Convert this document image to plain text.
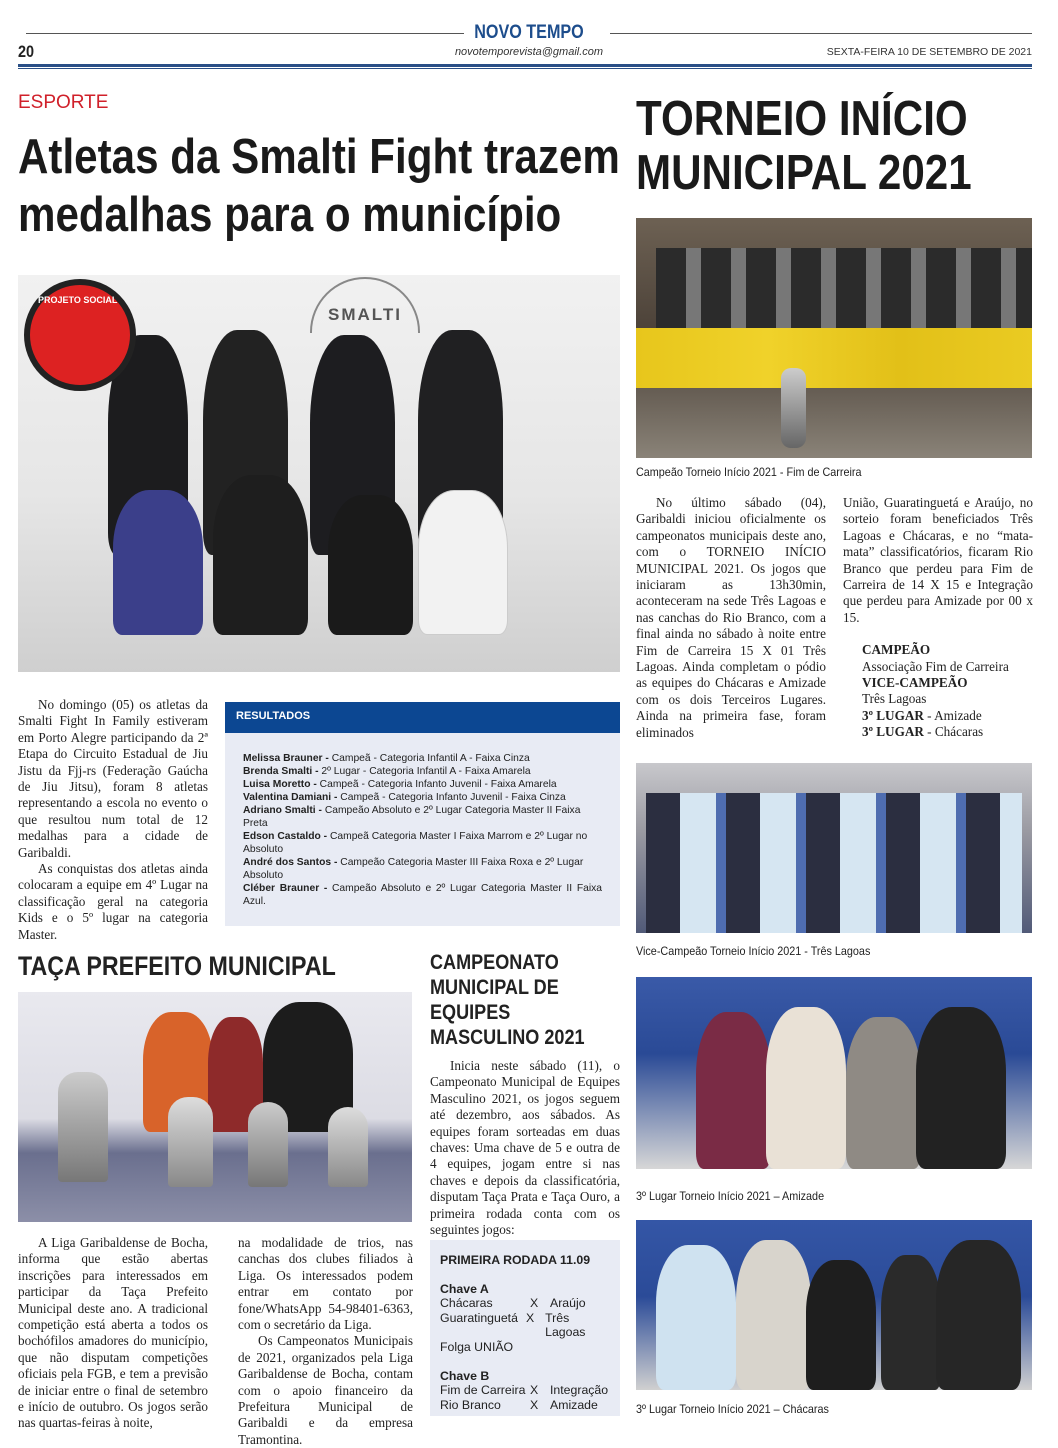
NOVO TEMPO
20	novotemporevista@gmail.com	SEXTA-FEIRA 10 DE SETEMBRO DE 2021
ESPORTE
Atletas da Smalti Fight trazem
medalhas para o município
PROJETO SOCIAL
SMALTI

No domingo (05) os atletas da Smalti Fight In Family estiveram em Porto Alegre participando da 2ª Etapa do Circuito Estadual de Jiu Jistu da Fjj-rs (Federação Gaúcha de Jiu Jitsu), foram 8 atletas representando a escola no evento o que resultou num total de 12 medalhas para a cidade de Garibaldi.

As conquistas dos atletas ainda colocaram a equipe em 4º Lugar na classificação geral na categoria Kids e o 5º lugar na categoria Master.

RESULTADOS
Melissa Brauner - Campeã - Categoria Infantil A - Faixa Cinza
Brenda Smalti - 2º Lugar - Categoria Infantil A - Faixa Amarela
Luisa Moretto - Campeã - Categoria Infanto Juvenil - Faixa Amarela
Valentina Damiani - Campeã - Categoria Infanto Juvenil - Faixa Cinza
Adriano Smalti - Campeão Absoluto e 2º Lugar Categoria Master II Faixa Preta
Edson Castaldo - Campeã Categoria Master I Faixa Marrom e 2º Lugar no Absoluto
André dos Santos - Campeão Categoria Master III Faixa Roxa e 2º Lugar Absoluto
Cléber Brauner - Campeão Absoluto e 2º Lugar Categoria Master II Faixa Azul.
TAÇA PREFEITO MUNICIPAL

A Liga Garibaldense de Bocha, informa que estão abertas inscrições para interessados em participar da Taça Prefeito Municipal deste ano. A tradicional competição está aberta a todos os bochófilos amadores do município, que não disputam competições oficiais pela FGB, e tem a previsão de iniciar entre o final de setembro e início de outubro. Os jogos serão nas quartas-feiras à noite,

na modalidade de trios, nas canchas dos clubes filiados à Liga. Os interessados podem entrar em contato por fone/WhatsApp 54-98401-6363, com o secretário da Liga.

Os Campeonatos Municipais de 2021, organizados pela Liga Garibaldense de Bocha, contam com o apoio financeiro da Prefeitura Municipal de Garibaldi e da empresa Tramontina.

CAMPEONATO
MUNICIPAL DE
EQUIPES
MASCULINO 2021

Inicia neste sábado (11), o Campeonato Municipal de Equipes Masculino 2021, os jogos seguem até dezembro, aos sábados. As equipes foram sorteadas em duas chaves: Uma chave de 5 e outra de 4 equipes, jogam entre si nas chaves e depois da classificatória, disputam Taça Prata e Taça Ouro, a primeira rodada conta com os seguintes jogos:

PRIMEIRA RODADA 11.09
Chave A
Chácaras	X Araújo
Guaratinguetá X Três Lagoas
Folga UNIÃO
Chave B
Fim de Carreira X Integração
Rio Branco	X Amizade
TORNEIO INÍCIO
MUNICIPAL 2021
Campeão Torneio Início 2021 - Fim de Carreira

No último sábado (04), Garibaldi iniciou oficialmente os campeonatos municipais deste ano, com o TORNEIO INÍCIO MUNICIPAL 2021. Os jogos que iniciaram as 13h30min, aconteceram na sede Três Lagoas e nas canchas do Rio Branco, com a final ainda no sábado à noite entre Fim de Carreira 15 X 01 Três Lagoas. Ainda completam o pódio as equipes do Chácaras e Amizade com os dois Terceiros Lugares. Ainda na primeira fase, foram eliminados

União, Guaratinguetá e Araújo, no sorteio foram beneficiados Três Lagoas e Chácaras, e no “mata-mata” classificatórios, ficaram Rio Branco que perdeu para Fim de Carreira de 14 X 15 e Integração que perdeu para Amizade por 00 x 15.

CAMPEÃO
Associação Fim de Carreira
VICE-CAMPEÃO
Três Lagoas
3º LUGAR - Amizade
3º LUGAR - Chácaras
Vice-Campeão Torneio Início 2021 - Três Lagoas
3º Lugar Torneio Início 2021 – Amizade
3º Lugar Torneio Início 2021 – Chácaras
